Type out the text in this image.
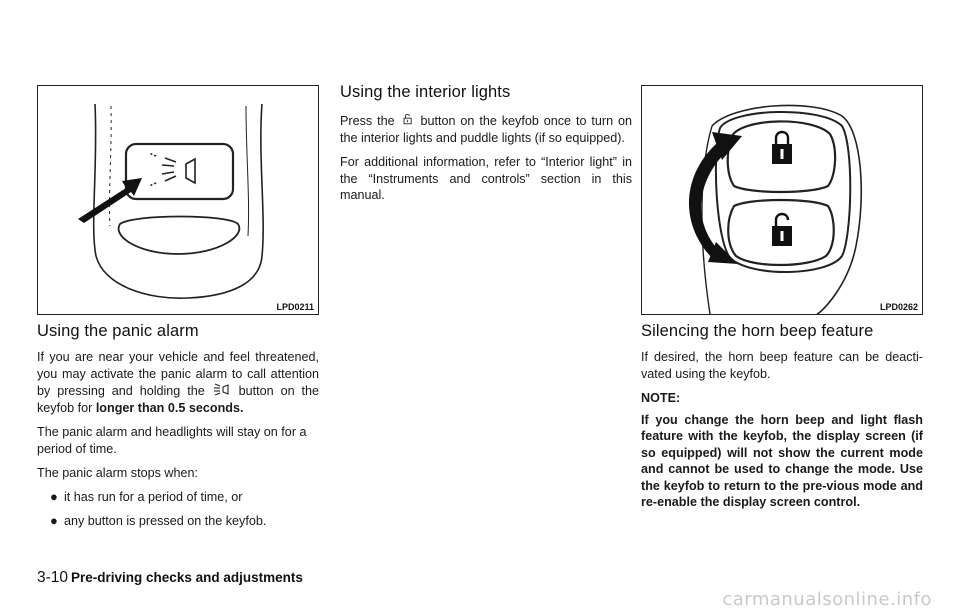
LPD0211
Using the panic alarm

If you are near your vehicle and feel threatened, you may activate the panic alarm to call attention by pressing and holding the	button on the keyfob for longer than 0.5 seconds.

The panic alarm and headlights will stay on for a period of time.

The panic alarm stops when:

● it has run for a period of time, or
● any button is pressed on the keyfob.
Using the interior lights

Press the button on the keyfob once to turn on the interior lights and puddle lights (if so equipped).

For additional information, refer to “Interior light” in the “Instruments and controls” section in this manual.

LPD0262
Silencing the horn beep feature

If desired, the horn beep feature can be deacti-vated using the keyfob.

NOTE:

If you change the horn beep and light flash feature with the keyfob, the display screen (if so equipped) will not show the current mode and cannot be used to change the mode. Use the keyfob to return to the pre-vious mode and re-enable the display screen control.

3-10 Pre-driving checks and adjustments
carmanualsonline.info
